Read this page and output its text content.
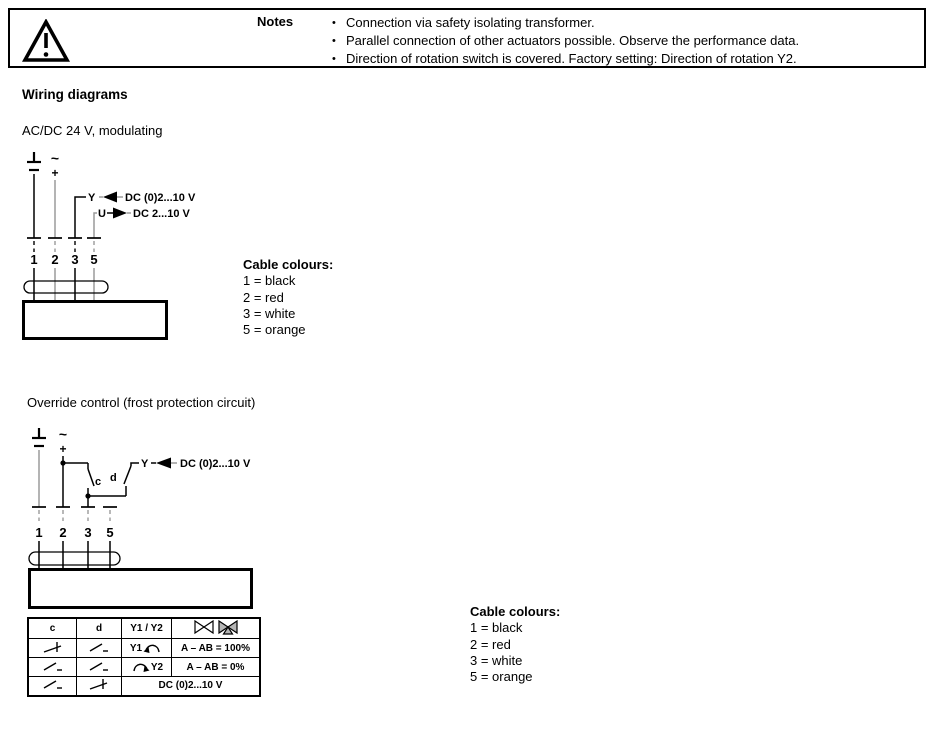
Notes	• Connection via safety isolating transformer.
• Parallel connection of other actuators possible. Observe the performance data.
• Direction of rotation switch is covered. Factory setting: Direction of rotation Y2.
Wiring diagrams
AC/DC 24 V, modulating
~
+
Y	DC (0)2...10 V
U DC 2...10 V
1 2 3 5	Cable colours:
1 = black
2 = red
3 = white
5 = orange
Override control (frost protection circuit)
~
+
c d
Y	DC (0)2...10 V
1 2 3 5
c	d	Y1 / Y2	

Y1	A – AB = 100%

Y2	A – AB = 0%
		DC (0)2...10 V	
Cable colours:
1 = black
2 = red
3 = white
5 = orange
